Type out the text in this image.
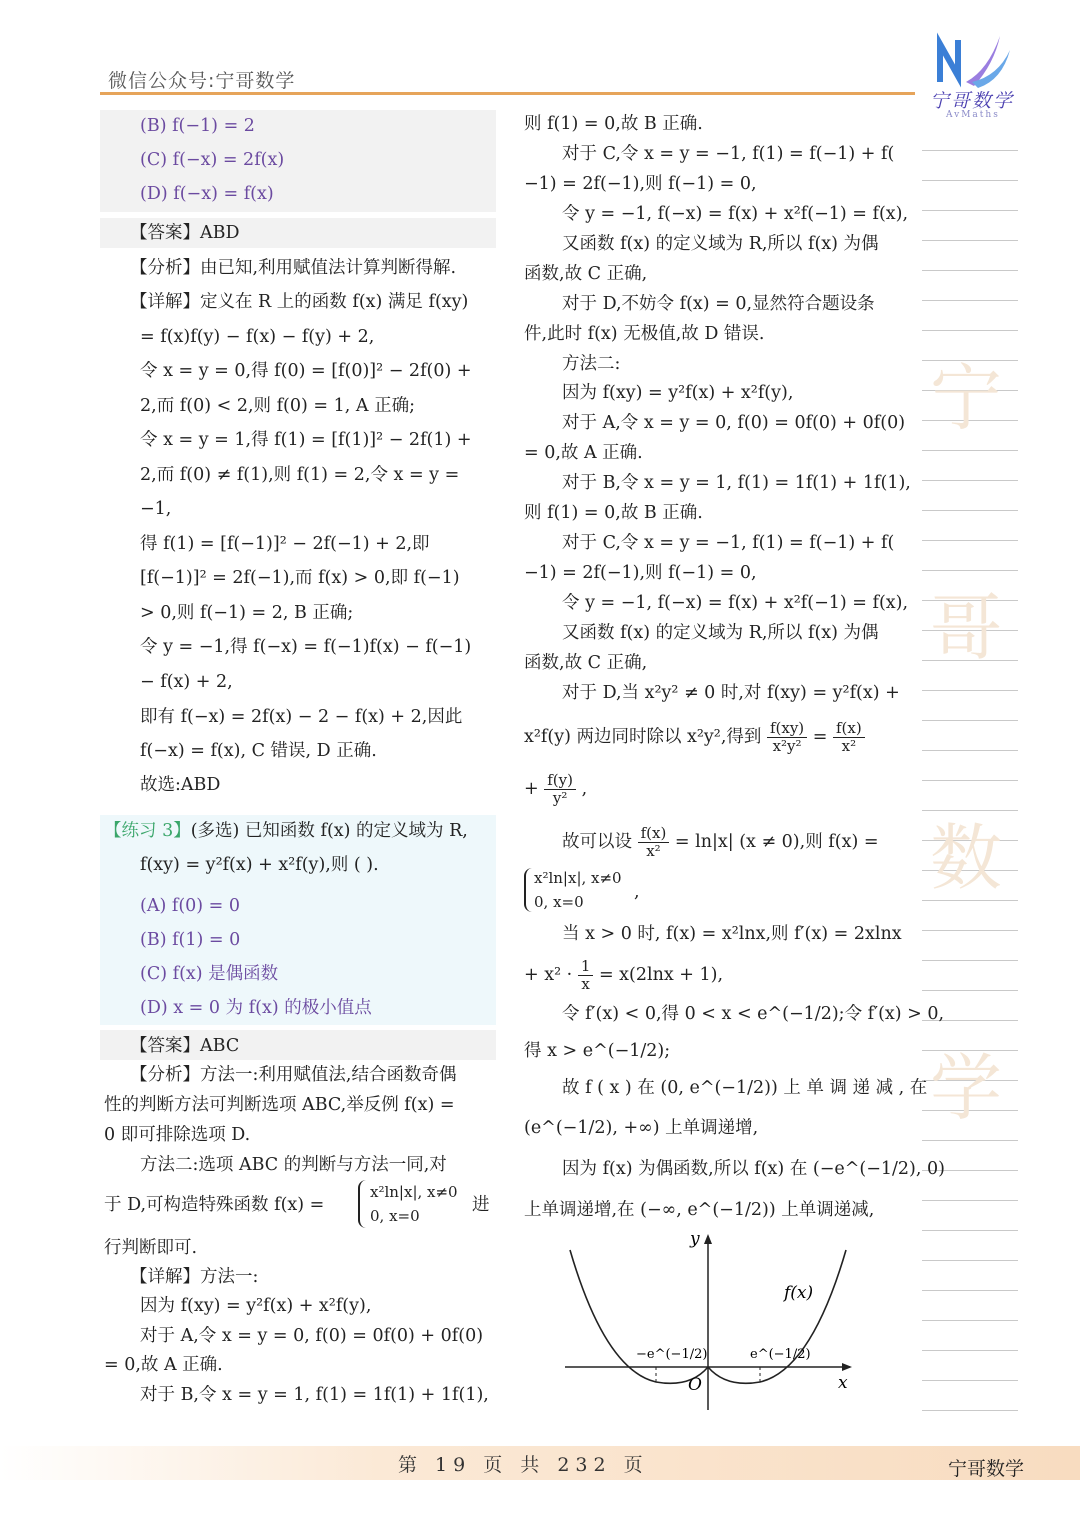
微信公众号:宁哥数学
宁哥数学
AvMaths
宁
哥
数
学
(B) f(−1) = 2
(C) f(−x) = 2f(x)
(D) f(−x) = f(x)
【答案】ABD
【分析】由已知,利用赋值法计算判断得解.
【详解】定义在 R 上的函数 f(x) 满足 f(xy)
= f(x)f(y) − f(x) − f(y) + 2,
令 x = y = 0,得 f(0) = [f(0)]² − 2f(0) +
2,而 f(0) < 2,则 f(0) = 1, A 正确;
令 x = y = 1,得 f(1) = [f(1)]² − 2f(1) +
2,而 f(0) ≠ f(1),则 f(1) = 2,令 x = y =
−1,
得 f(1) = [f(−1)]² − 2f(−1) + 2,即
[f(−1)]² = 2f(−1),而 f(x) > 0,即 f(−1)
> 0,则 f(−1) = 2, B 正确;
令 y = −1,得 f(−x) = f(−1)f(x) − f(−1)
− f(x) + 2,
即有 f(−x) = 2f(x) − 2 − f(x) + 2,因此
f(−x) = f(x), C 错误, D 正确.
故选:ABD
【练习 3】(多选) 已知函数 f(x) 的定义域为 R,
f(xy) = y²f(x) + x²f(y),则 ( ).
(A) f(0) = 0
(B) f(1) = 0
(C) f(x) 是偶函数
(D) x = 0 为 f(x) 的极小值点
【答案】ABC
【分析】方法一:利用赋值法,结合函数奇偶
性的判断方法可判断选项 ABC,举反例 f(x) =
0 即可排除选项 D.
方法二:选项 ABC 的判断与方法一同,对
于 D,可构造特殊函数 f(x) =
x²ln|x|, x≠0
0, x=0
进
行判断即可.
【详解】方法一:
因为 f(xy) = y²f(x) + x²f(y),
对于 A,令 x = y = 0, f(0) = 0f(0) + 0f(0)
= 0,故 A 正确.
对于 B,令 x = y = 1, f(1) = 1f(1) + 1f(1),
则 f(1) = 0,故 B 正确.
对于 C,令 x = y = −1, f(1) = f(−1) + f(
−1) = 2f(−1),则 f(−1) = 0,
令 y = −1, f(−x) = f(x) + x²f(−1) = f(x),
又函数 f(x) 的定义域为 R,所以 f(x) 为偶
函数,故 C 正确,
对于 D,不妨令 f(x) = 0,显然符合题设条
件,此时 f(x) 无极值,故 D 错误.
方法二:
因为 f(xy) = y²f(x) + x²f(y),
对于 A,令 x = y = 0, f(0) = 0f(0) + 0f(0)
= 0,故 A 正确.
对于 B,令 x = y = 1, f(1) = 1f(1) + 1f(1),
则 f(1) = 0,故 B 正确.
对于 C,令 x = y = −1, f(1) = f(−1) + f(
−1) = 2f(−1),则 f(−1) = 0,
令 y = −1, f(−x) = f(x) + x²f(−1) = f(x),
又函数 f(x) 的定义域为 R,所以 f(x) 为偶
函数,故 C 正确,
对于 D,当 x²y² ≠ 0 时,对 f(xy) = y²f(x) +
x²f(y) 两边同时除以 x²y²,得到 $\frac{f(xy)}{\text{x²y²}} = \frac{f(x)}{\text{x²}}$
+ $\frac{f(y)}{\text{y²}}$ ,
故可以设 $\frac{f(x)}{\text{x²}} = \ln|x|$ (x ≠ 0),则 f(x) =
x²ln|x|, x≠0
0, x=0	,
当 x > 0 时, f(x) = x²lnx,则 f′(x) = 2xlnx
+ $x^2 \cdot \frac{1}{x} = x(2\ln x + 1)$,
令 f′(x) < 0,得 0 < x < e^(−1/2);令 f′(x) > 0,
得 x > e^(−1/2);
故 f ( x ) 在 (0, e^(−1/2)) 上 单 调 递 减 , 在
(e^(−1/2), +∞) 上单调递增,
因为 f(x) 为偶函数,所以 f(x) 在 (−e^(−1/2), 0)
上单调递增,在 (−∞, e^(−1/2)) 上单调递减,
y
x
O
f(x)
−e^(−1/2)	e^(−1/2)
第 19 页 共 232 页	宁哥数学
